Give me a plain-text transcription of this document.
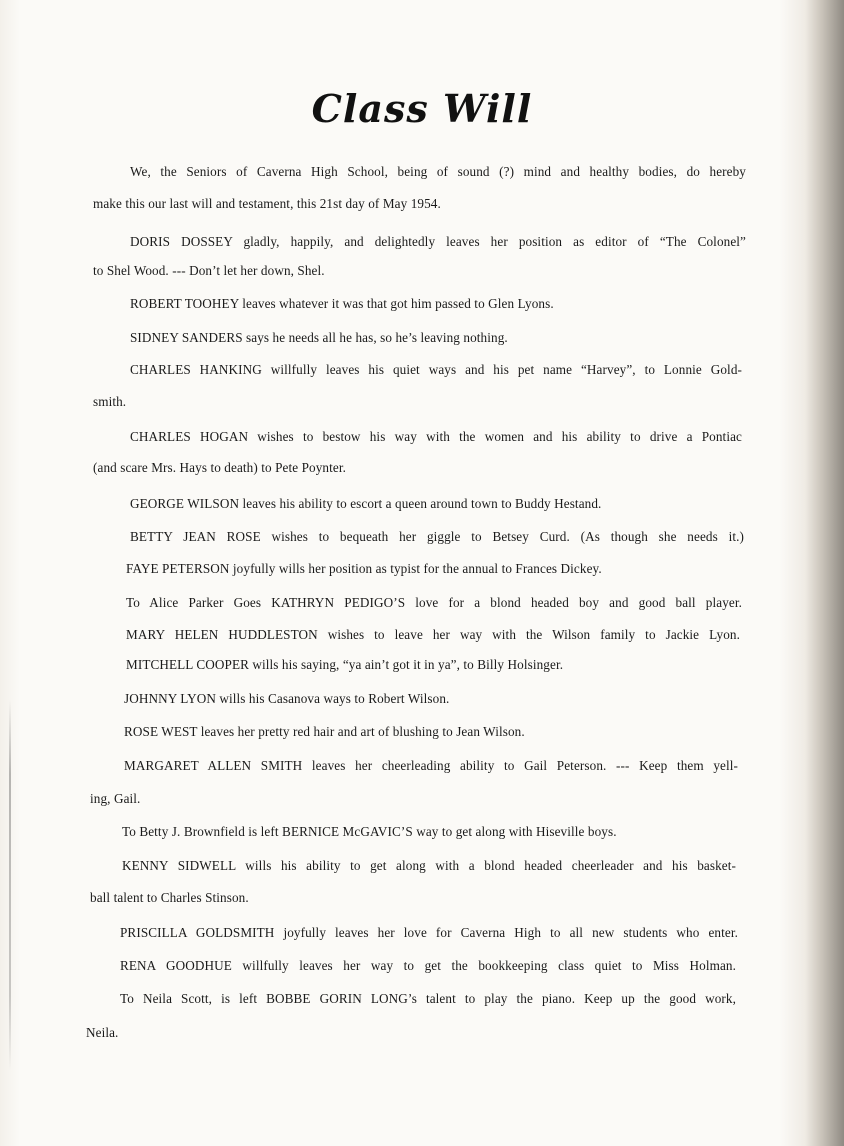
Class Will
We, the Seniors of Caverna High School, being of sound (?) mind and healthy bodies, do hereby
make this our last will and testament, this 21st day of May 1954.
DORIS DOSSEY gladly, happily, and delightedly leaves her position as editor of “The Colonel”
to Shel Wood. --- Don’t let her down, Shel.
ROBERT TOOHEY leaves whatever it was that got him passed to Glen Lyons.
SIDNEY SANDERS says he needs all he has, so he’s leaving nothing.
CHARLES HANKING willfully leaves his quiet ways and his pet name “Harvey”, to Lonnie Gold-
smith.
CHARLES HOGAN wishes to bestow his way with the women and his ability to drive a Pontiac
(and scare Mrs. Hays to death) to Pete Poynter.
GEORGE WILSON leaves his ability to escort a queen around town to Buddy Hestand.
BETTY JEAN ROSE wishes to bequeath her giggle to Betsey Curd. (As though she needs it.)
FAYE PETERSON joyfully wills her position as typist for the annual to Frances Dickey.
To Alice Parker Goes KATHRYN PEDIGO’S love for a blond headed boy and good ball player.
MARY HELEN HUDDLESTON wishes to leave her way with the Wilson family to Jackie Lyon.
MITCHELL COOPER wills his saying, “ya ain’t got it in ya”, to Billy Holsinger.
JOHNNY LYON wills his Casanova ways to Robert Wilson.
ROSE WEST leaves her pretty red hair and art of blushing to Jean Wilson.
MARGARET ALLEN SMITH leaves her cheerleading ability to Gail Peterson. --- Keep them yell-
ing, Gail.
To Betty J. Brownfield is left BERNICE McGAVIC’S way to get along with Hiseville boys.
KENNY SIDWELL wills his ability to get along with a blond headed cheerleader and his basket-
ball talent to Charles Stinson.
PRISCILLA GOLDSMITH joyfully leaves her love for Caverna High to all new students who enter.
RENA GOODHUE willfully leaves her way to get the bookkeeping class quiet to Miss Holman.
To Neila Scott, is left BOBBE GORIN LONG’s talent to play the piano. Keep up the good work,
Neila.
